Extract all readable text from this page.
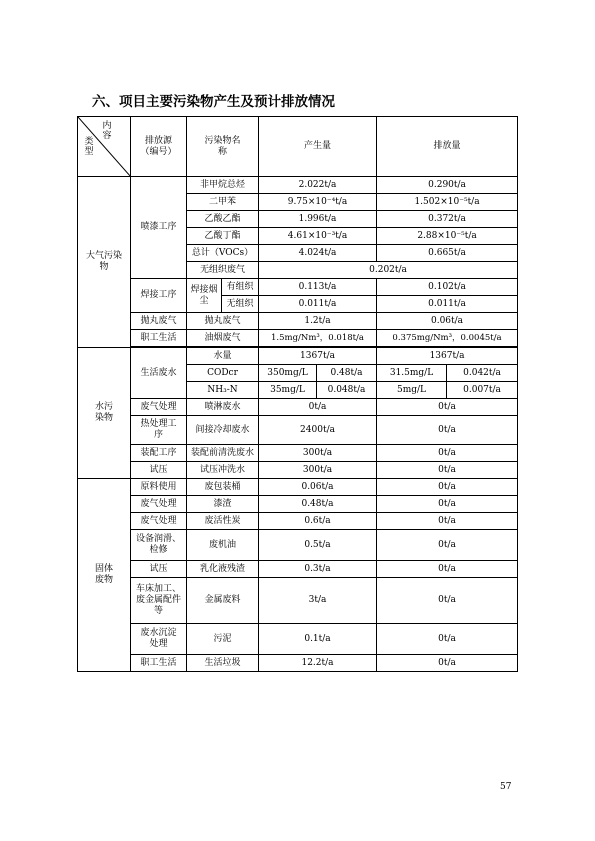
六、项目主要污染物产生及预计排放情况
内容
类型	排放源（编号）	污染物名称		产生量		排放量	
大气污染物	喷漆工序	非甲烷总烃		2.022t/a		0.290t/a	
		二甲苯		9.75×10⁻⁴t/a		1.502×10⁻⁵t/a	
		乙酸乙酯		1.996t/a		0.372t/a	
		乙酸丁酯		4.61×10⁻³t/a		2.88×10⁻⁵t/a	
		总计（VOCs）		4.024t/a		0.665t/a	
		无组织废气		0.202t/a			
	焊接工序	焊接烟尘	有组织	0.113t/a		0.102t/a	
			无组织	0.011t/a		0.011t/a	
	抛丸废气	抛丸废气		1.2t/a		0.06t/a	
	职工生活	油烟废气		1.5mg/Nm³，0.018t/a		0.375mg/Nm³，0.0045t/a	

水污染物	生活废水	水量		1367t/a		1367t/a	
		CODcr		350mg/L	0.48t/a	31.5mg/L	0.042t/a
		NH₃-N		35mg/L	0.048t/a	5mg/L	0.007t/a
	废气处理	喷淋废水		0t/a		0t/a	
	热处理工序	间接冷却废水		2400t/a		0t/a	
	装配工序	装配前清洗废水		300t/a		0t/a	
	试压	试压冲洗水		300t/a		0t/a	
固体废物	原料使用	废包装桶		0.06t/a		0t/a	
	废气处理	漆渣		0.48t/a		0t/a	
	废气处理	废活性炭		0.6t/a		0t/a	
	设备润滑、检修	废机油		0.5t/a		0t/a	
	试压	乳化液残渣		0.3t/a		0t/a	
	车床加工、废金属配件等	金属废料		3t/a		0t/a	
	废水沉淀处理	污泥		0.1t/a		0t/a	
	职工生活	生活垃圾		12.2t/a		0t/a	
57
